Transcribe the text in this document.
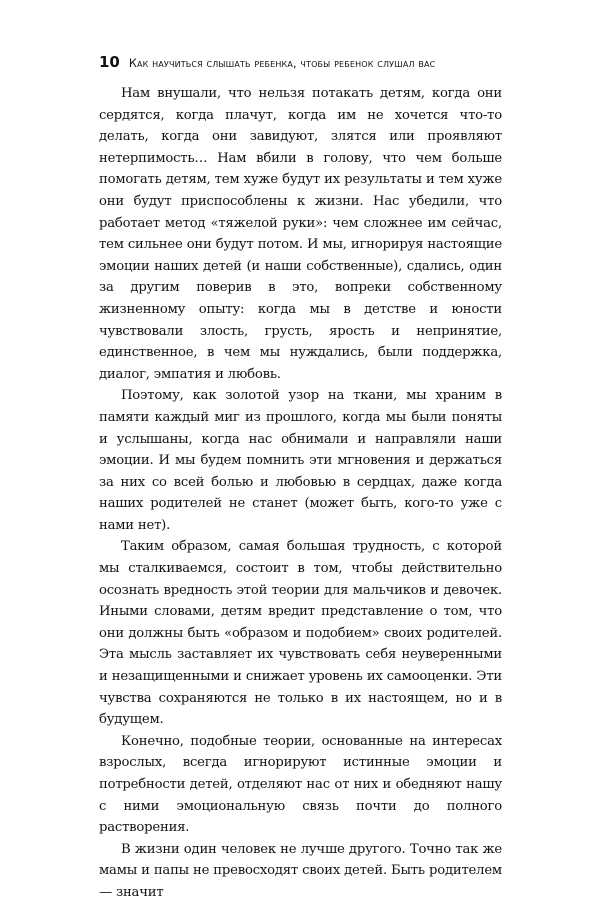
10 Как научиться слышать ребенка, чтобы ребенок слушал вас

Нам внушали, что нельзя потакать детям, когда они сердятся, когда плачут, когда им не хочется что-то делать, когда они завидуют, злятся или проявляют нетерпимость… Нам вбили в голову, что чем больше помогать детям, тем хуже будут их результаты и тем хуже они будут приспособлены к жизни. Нас убедили, что работает метод «тяжелой руки»: чем сложнее им сейчас, тем сильнее они будут потом. И мы, игнорируя настоящие эмоции наших детей (и наши собственные), сдались, один за другим поверив в это, вопреки собственному жизненному опыту: когда мы в детстве и юности чувствовали злость, грусть, ярость и непринятие, единственное, в чем мы нуждались, были поддержка, диалог, эмпатия и любовь.

Поэтому, как золотой узор на ткани, мы храним в памяти каждый миг из прошлого, когда мы были поняты и услышаны, когда нас обнимали и направляли наши эмоции. И мы будем помнить эти мгновения и держаться за них со всей болью и любовью в сердцах, даже когда наших родителей не станет (может быть, кого-то уже с нами нет).

Таким образом, самая большая трудность, с которой мы сталкиваемся, состоит в том, чтобы действительно осознать вредность этой теории для мальчиков и девочек. Иными словами, детям вредит представление о том, что они должны быть «образом и подобием» своих родителей. Эта мысль заставляет их чувствовать себя неуверенными и незащищенными и снижает уровень их самооценки. Эти чувства сохраняются не только в их настоящем, но и в будущем.

Конечно, подобные теории, основанные на интересах взрослых, всегда игнорируют истинные эмоции и потребности детей, отделяют нас от них и обедняют нашу с ними эмоциональную связь почти до полного растворения.

В жизни один человек не лучше другого. Точно так же мамы и папы не превосходят своих детей. Быть родителем — значит
